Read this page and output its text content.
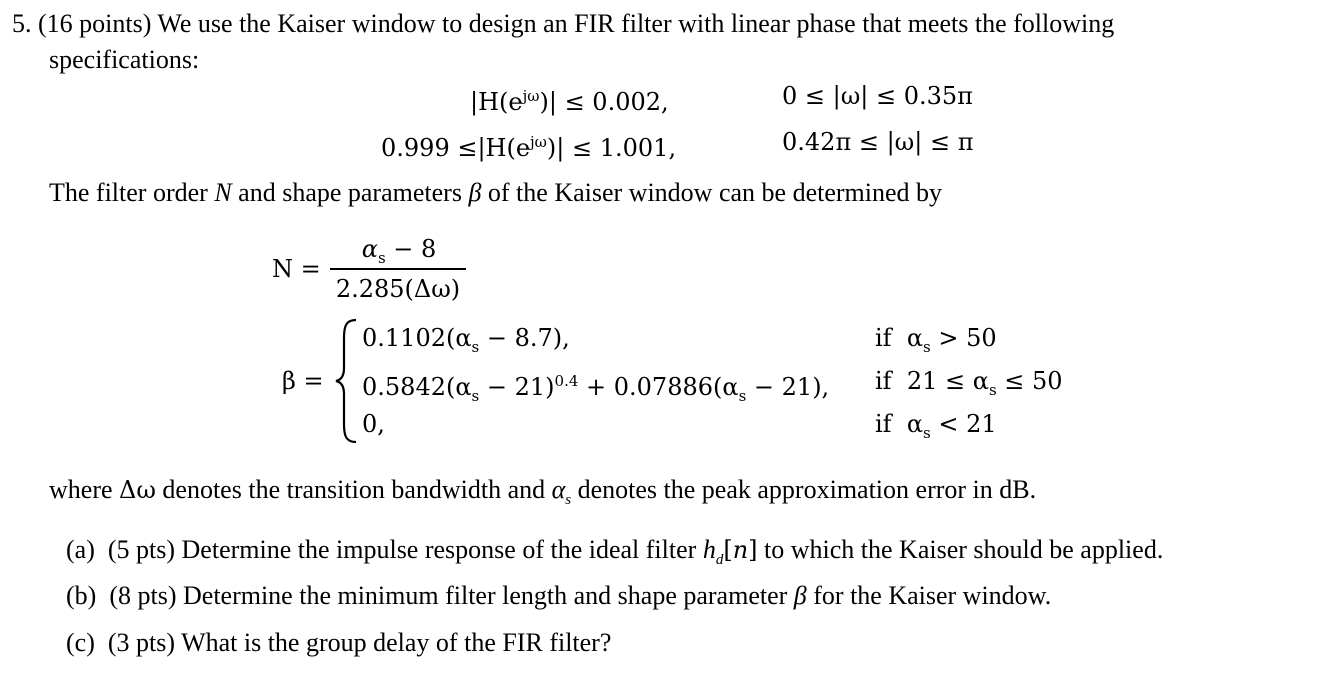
5. (16 points) We use the Kaiser window to design an FIR filter with linear phase that meets the following
specifications:
$|H(e^{j\omega})| \le 0.002$,	0 ≤ |ω| ≤ 0.35π
$0.999 \le|H(e^{j\omega})| \le 1.001$,	0.42π ≤ |ω| ≤ π
The filter order N and shape parameters β of the Kaiser window can be determined by
N =
$\alpha_s - 8$
2.285(Δω)
β =
$0.1102(\alpha_s - 8.7)$,
$0.5842(\alpha_s - 21)^{0.4} + 0.07886(\alpha_s - 21)$,
0,
if $\alpha_s > 50$
if $21 \le \alpha_s \le 50$
if $\alpha_s < 21$
where Δω denotes the transition bandwidth and $\alpha_s$ denotes the peak approximation error in dB.
(a) (5 pts) Determine the impulse response of the ideal filter $h_d[n]$ to which the Kaiser should be applied.
(b) (8 pts) Determine the minimum filter length and shape parameter β for the Kaiser window.
(c) (3 pts) What is the group delay of the FIR filter?
